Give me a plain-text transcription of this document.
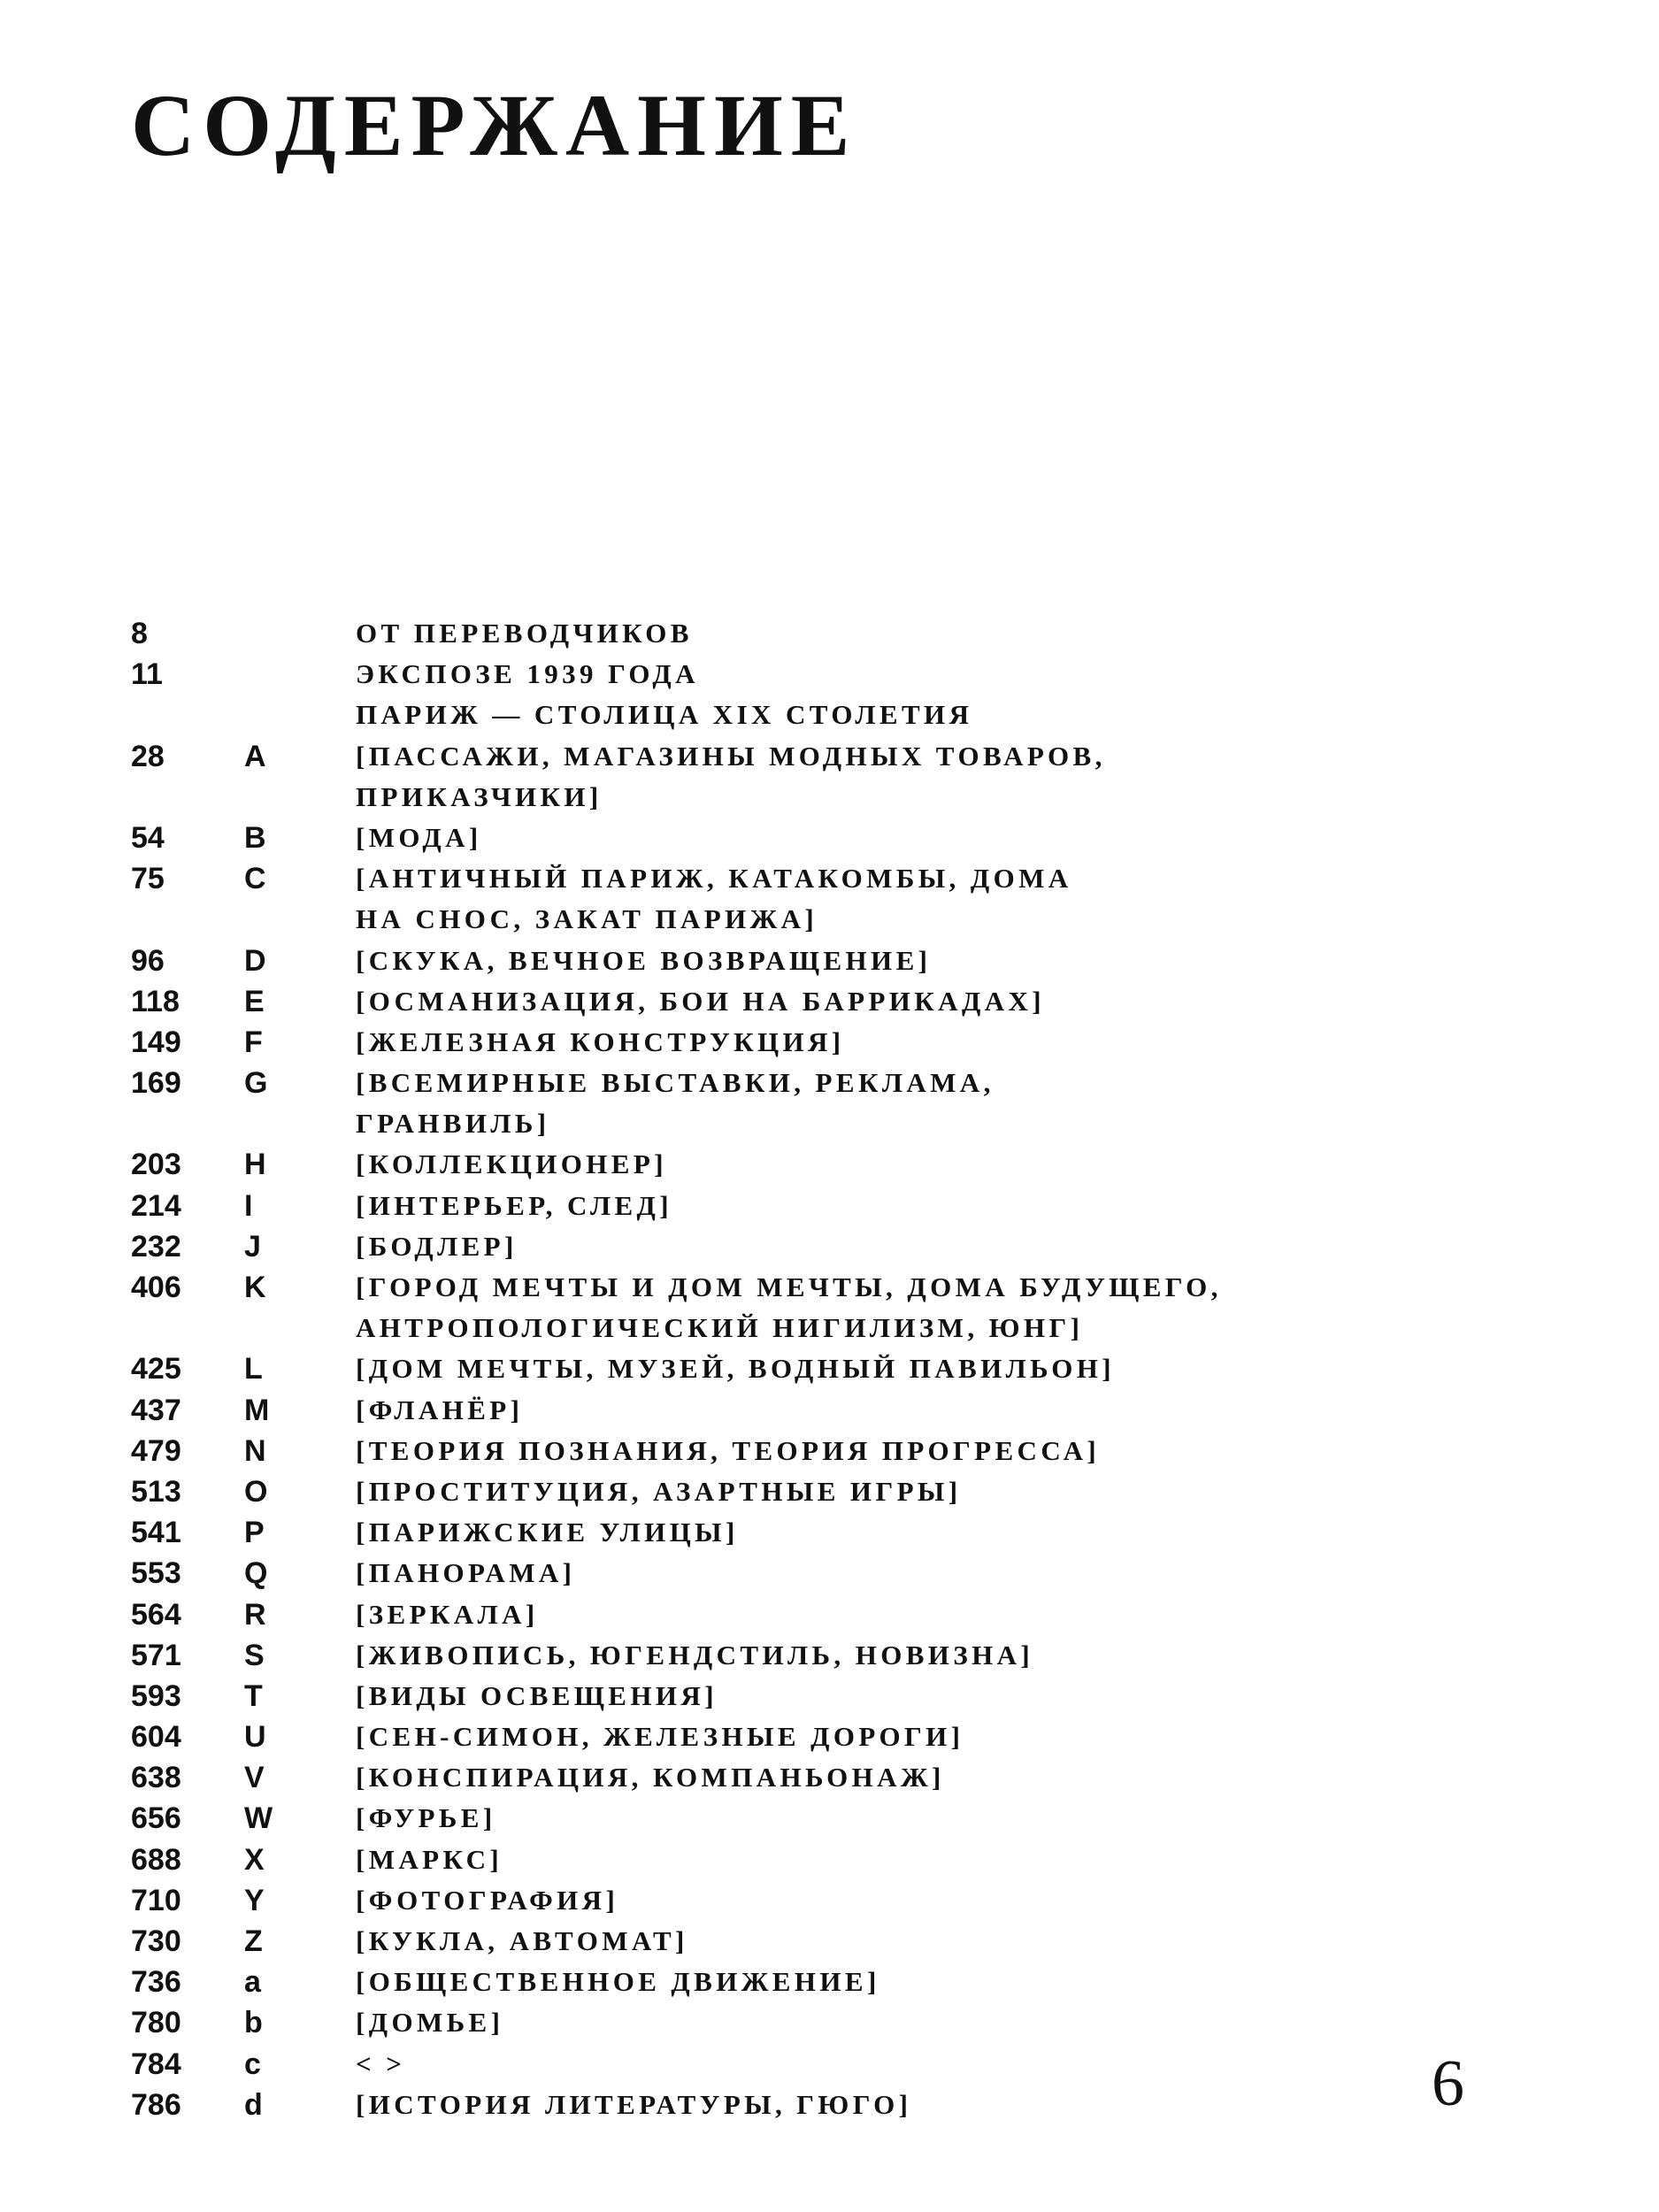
СОДЕРЖАНИЕ
8	ОТ ПЕРЕВОДЧИКОВ
11	ЭКСПОЗЕ 1939 ГОДА
ПАРИЖ — СТОЛИЦА XIX СТОЛЕТИЯ
28	A	[ПАССАЖИ, МАГАЗИНЫ МОДНЫХ ТОВАРОВ,
ПРИКАЗЧИКИ]
54	B	[МОДА]
75	C	[АНТИЧНЫЙ ПАРИЖ, КАТАКОМБЫ, ДОМА
НА СНОС, ЗАКАТ ПАРИЖА]
96	D	[СКУКА, ВЕЧНОЕ ВОЗВРАЩЕНИЕ]
118 E	[ОСМАНИЗАЦИЯ, БОИ НА БАРРИКАДАХ]
149 F	[ЖЕЛЕЗНАЯ КОНСТРУКЦИЯ]
169 G	[ВСЕМИРНЫЕ ВЫСТАВКИ, РЕКЛАМА,
ГРАНВИЛЬ]
203 H	[КОЛЛЕКЦИОНЕР]
214 I	[ИНТЕРЬЕР, СЛЕД]
232 J	[БОДЛЕР]
406 K	[ГОРОД МЕЧТЫ И ДОМ МЕЧТЫ, ДОМА БУДУЩЕГО,
АНТРОПОЛОГИЧЕСКИЙ НИГИЛИЗМ, ЮНГ]
425 L	[ДОМ МЕЧТЫ, МУЗЕЙ, ВОДНЫЙ ПАВИЛЬОН]
437 M	[ФЛАНЁР]
479 N	[ТЕОРИЯ ПОЗНАНИЯ, ТЕОРИЯ ПРОГРЕССА]
513 O	[ПРОСТИТУЦИЯ, АЗАРТНЫЕ ИГРЫ]
541 P	[ПАРИЖСКИЕ УЛИЦЫ]
553 Q	[ПАНОРАМА]
564 R	[ЗЕРКАЛА]
571 S	[ЖИВОПИСЬ, ЮГЕНДСТИЛЬ, НОВИЗНА]
593 T	[ВИДЫ ОСВЕЩЕНИЯ]
604 U	[СЕН-СИМОН, ЖЕЛЕЗНЫЕ ДОРОГИ]
638 V	[КОНСПИРАЦИЯ, КОМПАНЬОНАЖ]
656 W	[ФУРЬЕ]
688 X	[МАРКС]
710 Y	[ФОТОГРАФИЯ]
730 Z	[КУКЛА, АВТОМАТ]
736 a	[ОБЩЕСТВЕННОЕ ДВИЖЕНИЕ]
780 b	[ДОМЬЕ]
784 c	< >
786 d	[ИСТОРИЯ ЛИТЕРАТУРЫ, ГЮГО]	6
